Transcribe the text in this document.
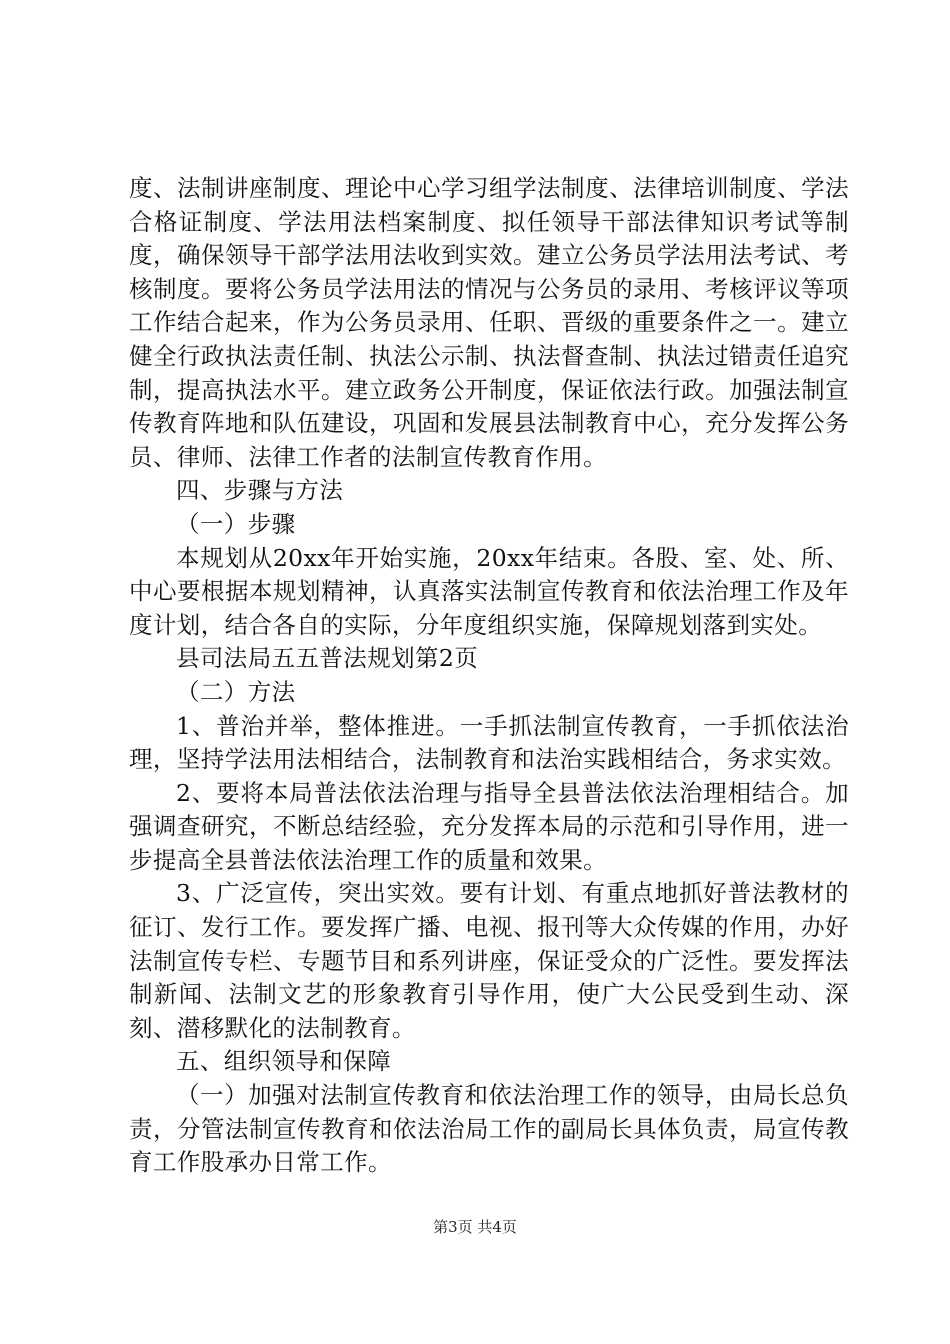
度、法制讲座制度、理论中心学习组学法制度、法律培训制度、学法合格证制度、学法用法档案制度、拟任领导干部法律知识考试等制度，确保领导干部学法用法收到实效。建立公务员学法用法考试、考核制度。要将公务员学法用法的情况与公务员的录用、考核评议等项工作结合起来，作为公务员录用、任职、晋级的重要条件之一。建立健全行政执法责任制、执法公示制、执法督查制、执法过错责任追究制，提高执法水平。建立政务公开制度，保证依法行政。加强法制宣传教育阵地和队伍建设，巩固和发展县法制教育中心，充分发挥公务员、律师、法律工作者的法制宣传教育作用。

四、步骤与方法

（一）步骤

本规划从20xx年开始实施，20xx年结束。各股、室、处、所、中心要根据本规划精神，认真落实法制宣传教育和依法治理工作及年度计划，结合各自的实际，分年度组织实施，保障规划落到实处。

县司法局五五普法规划第2页

（二）方法

1、普治并举，整体推进。一手抓法制宣传教育，一手抓依法治理，坚持学法用法相结合，法制教育和法治实践相结合，务求实效。

2、要将本局普法依法治理与指导全县普法依法治理相结合。加强调查研究，不断总结经验，充分发挥本局的示范和引导作用，进一步提高全县普法依法治理工作的质量和效果。

3、广泛宣传，突出实效。要有计划、有重点地抓好普法教材的征订、发行工作。要发挥广播、电视、报刊等大众传媒的作用，办好法制宣传专栏、专题节目和系列讲座，保证受众的广泛性。要发挥法制新闻、法制文艺的形象教育引导作用，使广大公民受到生动、深刻、潜移默化的法制教育。

五、组织领导和保障

（一）加强对法制宣传教育和依法治理工作的领导，由局长总负责，分管法制宣传教育和依法治局工作的副局长具体负责，局宣传教育工作股承办日常工作。

第3页 共4页
